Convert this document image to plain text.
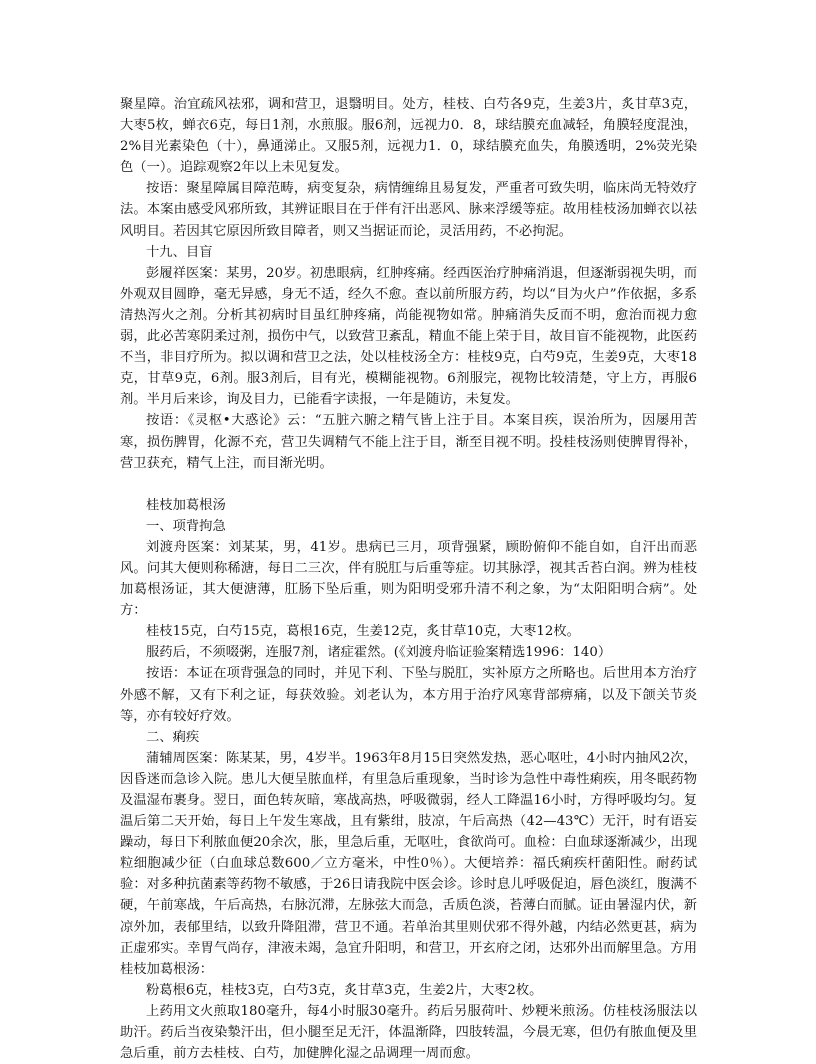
聚星障。治宜疏风祛邪，调和营卫，退翳明目。处方，桂枝、白芍各9克，生姜3片，炙甘草3克，大枣5枚，蝉衣6克，每日1剂，水煎服。服6剂，远视力0．8，球结膜充血减轻，角膜轻度混浊，2%目光素染色（十），鼻通涕止。又服5剂，远视力1．0，球结膜充血失，角膜透明，2%荧光染色（一）。追踪观察2年以上未见复发。

按语：聚星障属目障范畴，病变复杂，病情缠绵且易复发，严重者可致失明，临床尚无特效疗法。本案由感受风邪所致，其辨证眼目在于伴有汗出恶风、脉来浮缓等症。故用桂枝汤加蝉衣以祛风明目。若因其它原因所致目障者，则又当据证而论，灵活用药，不必拘泥。

十九、目盲

彭履祥医案：某男，20岁。初患眼病，红肿疼痛。经西医治疗肿痛消退，但逐渐弱视失明，而外观双目圆睁，毫无异感，身无不适，经久不愈。查以前所服方药，均以“目为火户”作依据，多系清热泻火之剂。分析其初病时目虽红肿疼痛，尚能视物如常。肿痛消失反而不明，愈治而视力愈弱，此必苦寒阴柔过剂，损伤中气，以致营卫紊乱，精血不能上荣于目，故目盲不能视物，此医药不当，非目疗所为。拟以调和营卫之法，处以桂枝汤全方：桂枝9克，白芍9克，生姜9克，大枣18克，甘草9克，6剂。服3剂后，目有光，模糊能视物。6剂服完，视物比较清楚，守上方，再服6剂。半月后来诊，询及目力，已能看字读报，一年是随访，未复发。

按语：《灵枢•大惑论》云：“五脏六腑之精气皆上注于目。本案目疾，误治所为，因屡用苦寒，损伤脾胃，化源不充，营卫失调精气不能上注于目，渐至目视不明。投桂枝汤则使脾胃得补，营卫获充，精气上注，而目渐光明。

桂枝加葛根汤

一、项背拘急

刘渡舟医案：刘某某，男，41岁。患病已三月，项背强紧，顾盼俯仰不能自如，自汗出而恶风。问其大便则称稀溏，每日二三次，伴有脱肛与后重等症。切其脉浮，视其舌苔白润。辨为桂枝加葛根汤证，其大便溏薄，肛肠下坠后重，则为阳明受邪升清不利之象，为“太阳阳明合病”。处方：

桂枝15克，白芍15克，葛根16克，生姜12克，炙甘草10克，大枣12枚。

服药后，不须啜粥，连服7剂，诸症霍然。(《刘渡舟临证验案精选1996：140）

按语：本证在项背强急的同时，并见下利、下坠与脱肛，实补原方之所略也。后世用本方治疗外感不解，又有下利之证，每获效验。刘老认为，本方用于治疗风寒背部痹痛，以及下颌关节炎等，亦有较好疗效。

二、痢疾

蒲辅周医案：陈某某，男，4岁半。1963年8月15日突然发热，恶心呕吐，4小时内抽风2次，因昏迷而急诊入院。患儿大便呈脓血样，有里急后重现象，当时诊为急性中毒性痢疾，用冬眠药物及温湿布裹身。翌日，面色转灰暗，寒战高热，呼吸微弱，经人工降温16小时，方得呼吸均匀。复温后第二天开始，每日上午发生寒战，且有紫绀，肢凉，午后高热（42—43℃）无汗，时有语妄躁动，每日下利脓血便20余次，胀，里急后重，无呕吐，食欲尚可。血检：白血球逐渐减少，出现粒细胞减少征（白血球总数600／立方毫米，中性0％）。大便培养：福氏痢疾杆菌阳性。耐药试验：对多种抗菌素等药物不敏感，于26日请我院中医会诊。诊时息儿呼吸促迫，唇色淡红，腹满不硬，午前寒战，午后高热，右脉沉滞，左脉弦大而急，舌质色淡，苔薄白而腻。证由暑湿内伏，新凉外加，表郁里结，以致升降阻滞，营卫不通。若单治其里则伏邪不得外越，内结必然更甚，病为正虚邪实。幸胃气尚存，津液未竭，急宜升阳明，和营卫，开玄府之闭，达邪外出而解里急。方用桂枝加葛根汤：

粉葛根6克，桂枝3克，白芍3克，炙甘草3克，生姜2片，大枣2枚。

上药用文火煎取180毫升，每4小时服30毫升。药后另服荷叶、炒粳米煎汤。仿桂枝汤服法以助汗。药后当夜染漐汗出，但小腿至足无汗，体温渐降，四肢转温，今晨无寒，但仍有脓血便及里急后重，前方去桂枝、白芍，加健脾化湿之品调理一周而愈。
